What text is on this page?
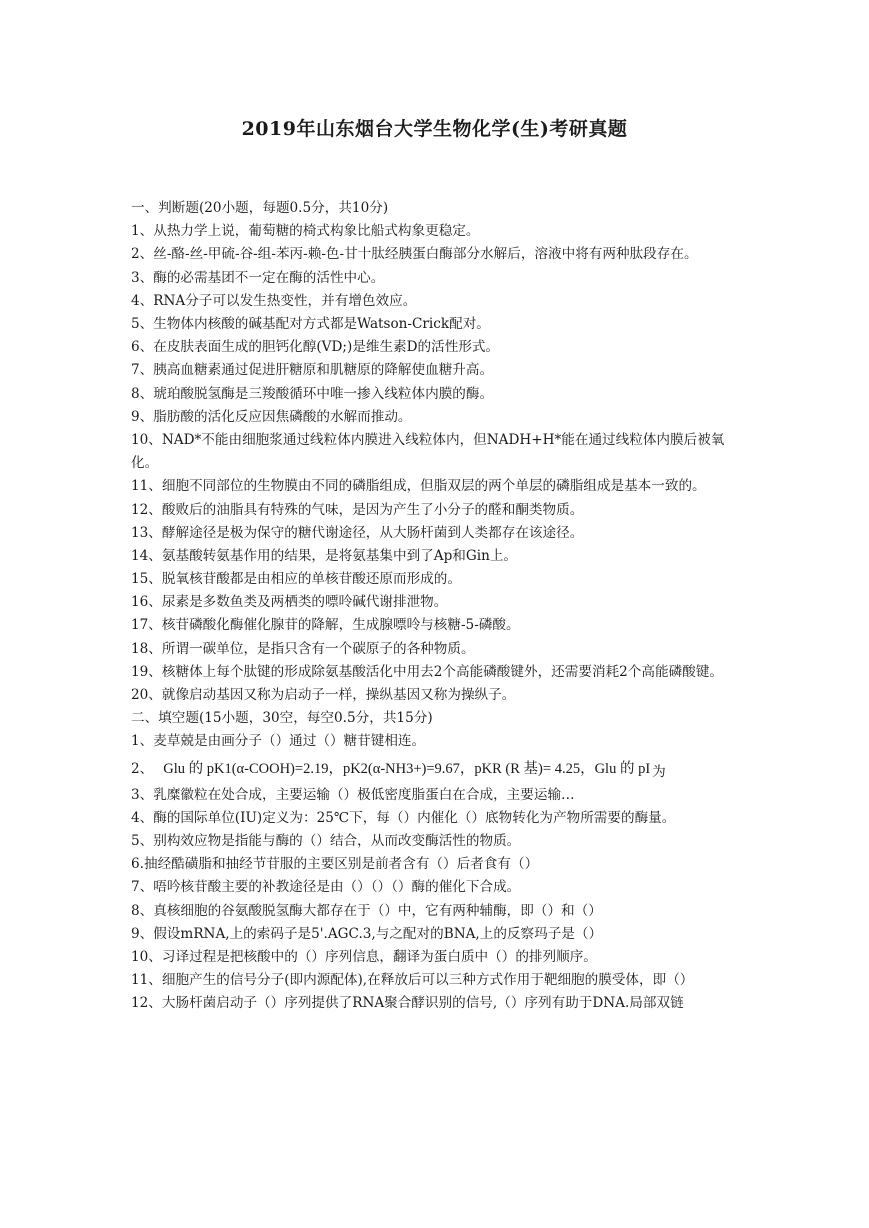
2019年山东烟台大学生物化学(生)考研真题
一、判断题(20小题，每题0.5分，共10分)
1、从热力学上说，葡萄糖的椅式构象比船式构象更稳定。
2、丝-酪-丝-甲硫-谷-组-苯丙-赖-色-甘十肽经胰蛋白酶部分水解后，溶液中将有两种肽段存在。
3、酶的必需基团不一定在酶的活性中心。
4、RNA分子可以发生热变性，并有增色效应。
5、生物体内核酸的碱基配对方式都是Watson-Crick配对。
6、在皮肤表面生成的胆钙化醇(VD;)是维生素D的活性形式。
7、胰高血糖素通过促进肝糖原和肌糖原的降解使血糖升高。
8、琥珀酸脱氢酶是三羧酸循环中唯一掺入线粒体内膜的酶。
9、脂肪酸的活化反应因焦磷酸的水解而推动。
10、NAD*不能由细胞浆通过线粒体内膜进入线粒体内，但NADH+H*能在通过线粒体内膜后被氧化。
11、细胞不同部位的生物膜由不同的磷脂组成，但脂双层的两个单层的磷脂组成是基本一致的。
12、酸败后的油脂具有特殊的气味，是因为产生了小分子的醛和酮类物质。
13、酵解途径是极为保守的糖代谢途径，从大肠杆菌到人类都存在该途径。
14、氨基酸转氨基作用的结果，是将氨基集中到了Ap和Gin上。
15、脱氧核苷酸都是由相应的单核苷酸还原而形成的。
16、尿素是多数鱼类及两栖类的嘌呤碱代谢排泄物。
17、核苷磷酸化酶催化腺苷的降解，生成腺嘌呤与核糖-5-磷酸。
18、所谓一碳单位，是指只含有一个碳原子的各种物质。
19、核糖体上每个肽键的形成除氨基酸活化中用去2个高能磷酸键外，还需要消耗2个高能磷酸键。
20、就像启动基因又称为启动子一样，操纵基因又称为操纵子。
二、填空题(15小题，30空，每空0.5分，共15分)
1、麦草兢是由画分子（）通过（）糖苷键相连。
2、 Glu 的 pK1(α-COOH)=2.19，pK2(α-NH3+)=9.67，pKR (R 基)= 4.25，Glu 的 pI 为
3、乳糜徽粒在处合成，主要运输（）极低密度脂蛋白在合成，主要运输…
4、酶的国际单位(IU)定义为：25℃下，每（）内催化（）底物转化为产物所需要的酶量。
5、别构效应物是指能与酶的（）结合，从而改变酶活性的物质。
6.抽经酷磺脂和抽经节苷服的主要区别是前者含有（）后者食有（）
7、唔吟核苷酸主要的补教途径是由（）（）（）酶的催化下合成。
8、真核细胞的谷氨酸脱氢酶大都存在于（）中，它有两种辅酶，即（）和（）
9、假设mRNA,上的索码子是5'.AGC.3,与之配对的BNA,上的反察玛子是（）
10、习译过程是把核酸中的（）序列信息，翻译为蛋白质中（）的排列顺序。
11、细胞产生的信号分子(即内源配体),在释放后可以三种方式作用于靶细胞的膜受体，即（）
12、大肠杆菌启动子（）序列提供了RNA聚合酵识别的信号,（）序列有助于DNA.局部双链
